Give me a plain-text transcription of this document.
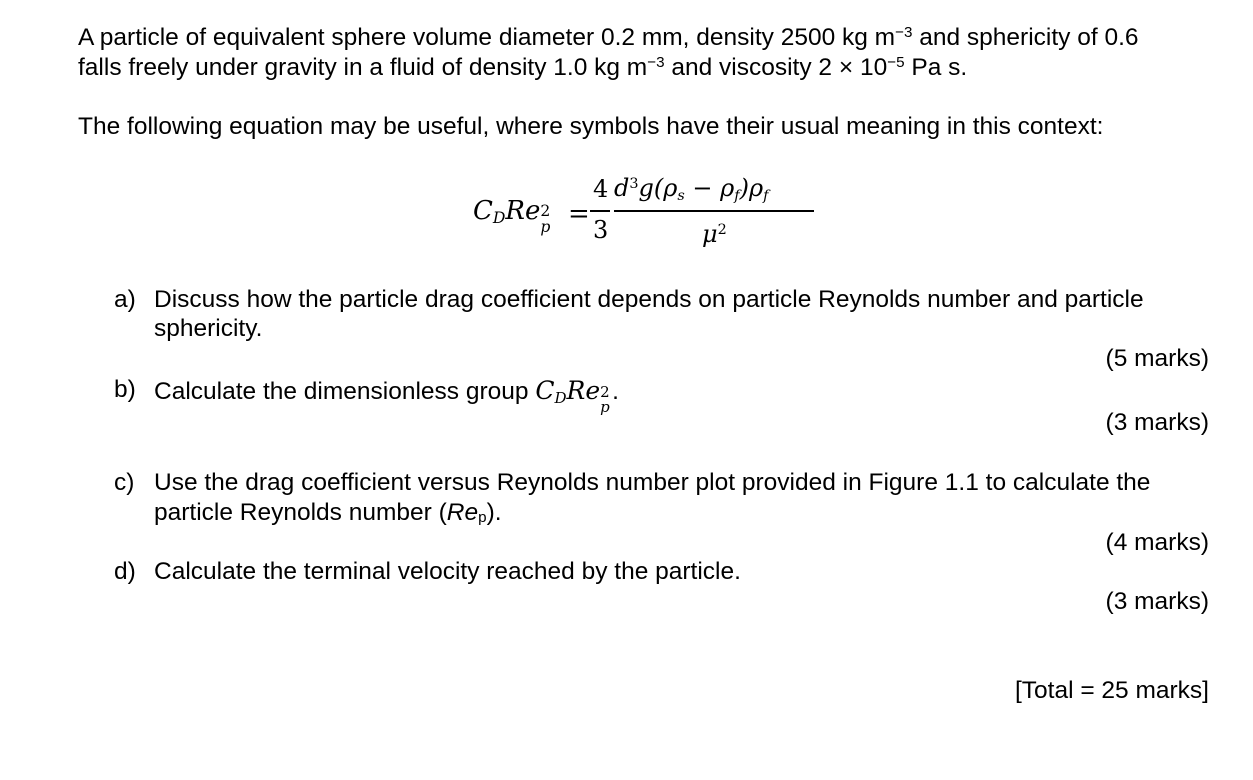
A particle of equivalent sphere volume diameter 0.2 mm, density 2500 kg $m^{-3}$ and sphericity of 0.6
falls freely under gravity in a fluid of density 1.0 kg $m^{-3}$ and viscosity $2 \times 10^{-5}$ Pa s.
The following equation may be useful, where symbols have their usual meaning in this context:
CDRe 2
p =
4
3
$d^3g(\rho s - \rho f)\rho f$
$\mu^2$
a) Discuss how the particle drag coefficient depends on particle Reynolds number and particle
sphericity.
(5 marks)
b) Calculate the dimensionless group CDRe 2
p
.
(3 marks)
c) Use the drag coefficient versus Reynolds number plot provided in Figure 1.1 to calculate the
particle Reynolds number (Rep).
(4 marks)
d) Calculate the terminal velocity reached by the particle.
(3 marks)
[Total = 25 marks]
